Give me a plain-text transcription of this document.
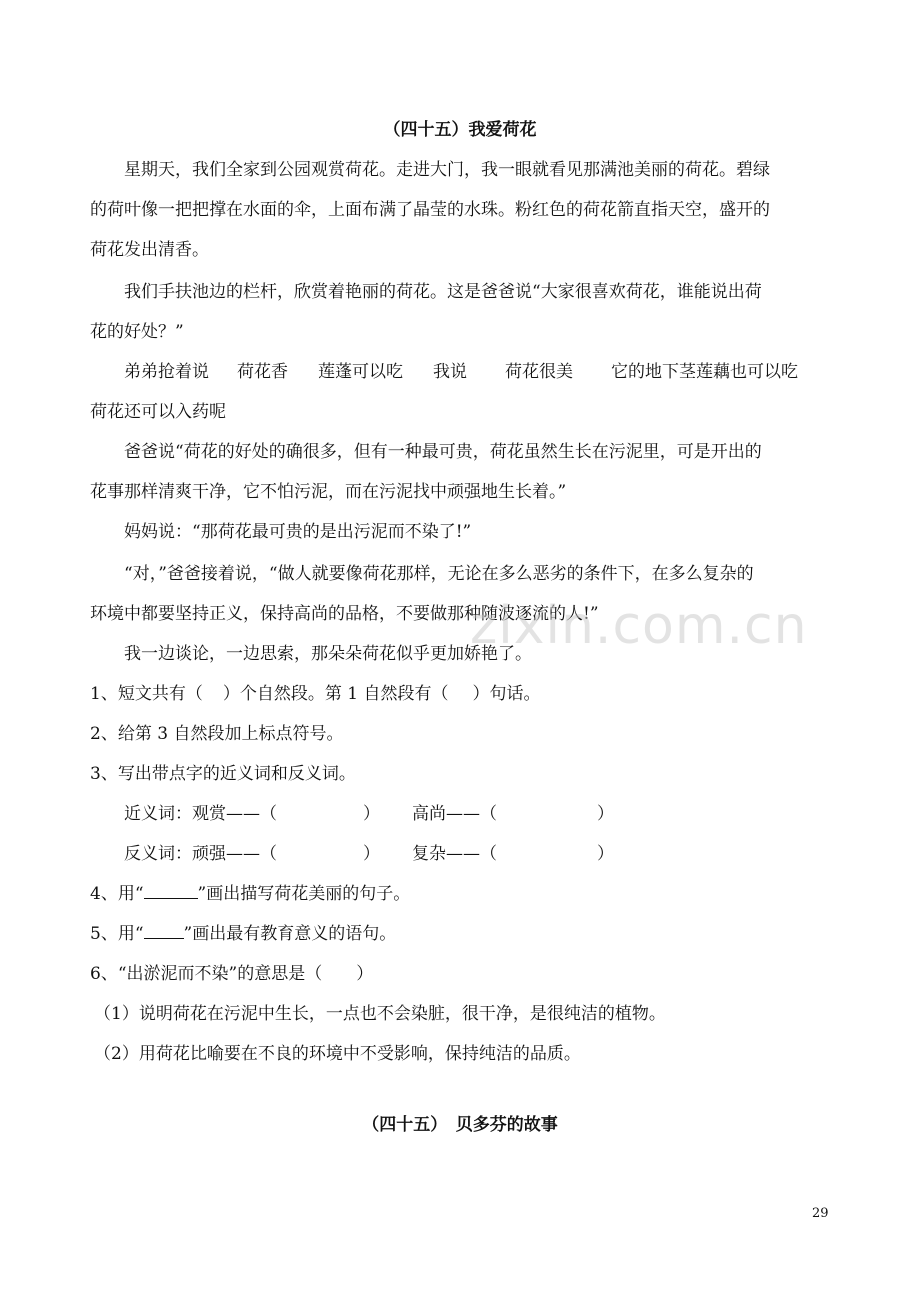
（四十五）我爱荷花
星期天，我们全家到公园观赏荷花。走进大门，我一眼就看见那满池美丽的荷花。碧绿
的荷叶像一把把撑在水面的伞，上面布满了晶莹的水珠。粉红色的荷花箭直指天空，盛开的
荷花发出清香。
我们手扶池边的栏杆，欣赏着艳丽的荷花。这是爸爸说“大家很喜欢荷花，谁能说出荷
花的好处？”
弟弟抢着说 荷花香 莲蓬可以吃 我说 荷花很美 它的地下茎莲藕也可以吃
荷花还可以入药呢
爸爸说“荷花的好处的确很多，但有一种最可贵，荷花虽然生长在污泥里，可是开出的
花事那样清爽干净，它不怕污泥，而在污泥找中顽强地生长着。”
妈妈说：“那荷花最可贵的是出污泥而不染了!”
“对，”爸爸接着说，“做人就要像荷花那样，无论在多么恶劣的条件下，在多么复杂的
环境中都要坚持正义，保持高尚的品格，不要做那种随波逐流的人!”
我一边谈论，一边思索，那朵朵荷花似乎更加娇艳了。
1、短文共有（ ）个自然段。第 1 自然段有（ ）句话。
2、给第 3 自然段加上标点符号。
3、写出带点字的近义词和反义词。
近义词：观赏——（	） 高尚——（	）
反义词：顽强——（	） 复杂——（	）
4、用“	”画出描写荷花美丽的句子。
5、用“ ”画出最有教育意义的语句。
6、“出淤泥而不染”的意思是（　　）
（1）说明荷花在污泥中生长，一点也不会染脏，很干净，是很纯洁的植物。
（2）用荷花比喻要在不良的环境中不受影响，保持纯洁的品质。
（四十五）　贝多芬的故事
zixin.com.cn
29
